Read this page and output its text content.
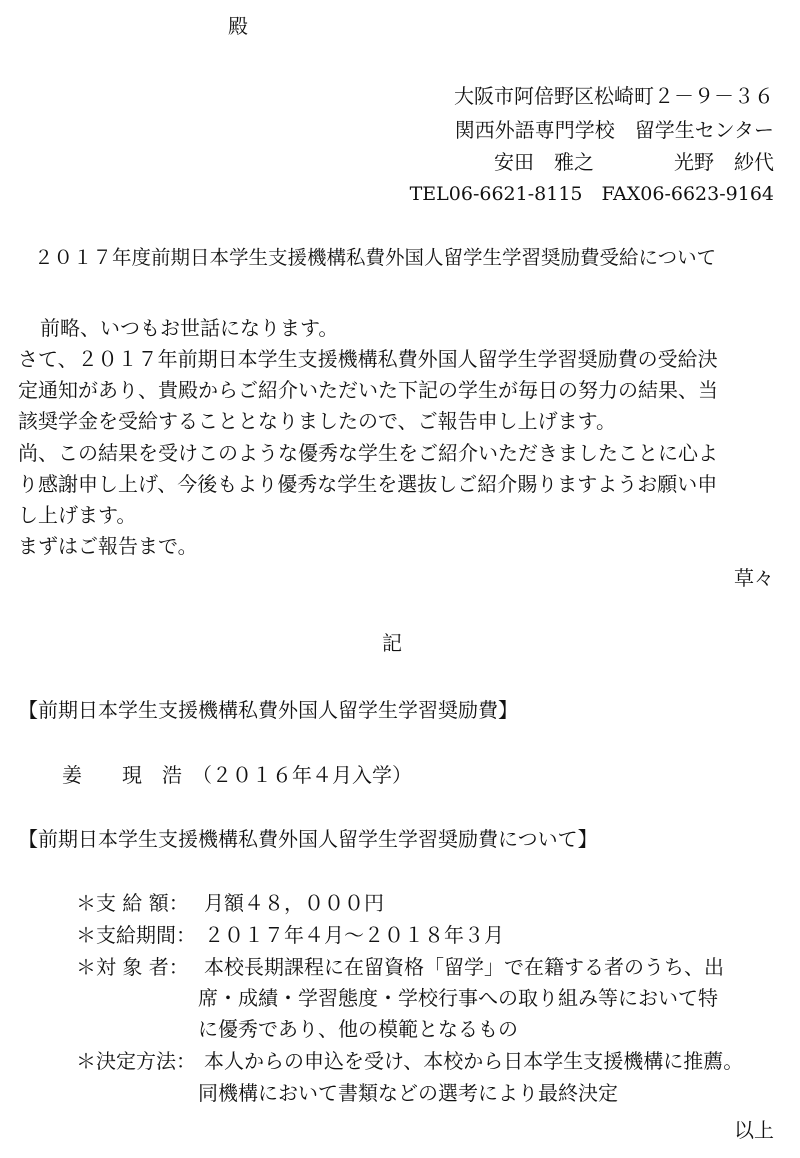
殿
大阪市阿倍野区松崎町２－９－３６
関西外語専門学校　留学生センター
安田　雅之　　　　光野　紗代
TEL06-6621-8115　FAX06-6623-9164
２０１７年度前期日本学生支援機構私費外国人留学生学習奨励費受給について
前略、いつもお世話になります。
さて、２０１７年前期日本学生支援機構私費外国人留学生学習奨励費の受給決
定通知があり、貴殿からご紹介いただいた下記の学生が毎日の努力の結果、当
該奨学金を受給することとなりましたので、ご報告申し上げます。
尚、この結果を受けこのような優秀な学生をご紹介いただきましたことに心よ
り感謝申し上げ、今後もより優秀な学生を選抜しご紹介賜りますようお願い申
し上げます。
まずはご報告まで。
草々
記
【前期日本学生支援機構私費外国人留学生学習奨励費】
姜　　現　浩　（２０１６年４月入学）
【前期日本学生支援機構私費外国人留学生学習奨励費について】
＊支 給 額： 月額４８，０００円
＊支給期間： ２０１７年４月～２０１８年３月
＊対 象 者： 本校長期課程に在留資格「留学」で在籍する者のうち、出
席・成績・学習態度・学校行事への取り組み等において特
に優秀であり、他の模範となるもの
＊決定方法： 本人からの申込を受け、本校から日本学生支援機構に推薦。
同機構において書類などの選考により最終決定
以上
